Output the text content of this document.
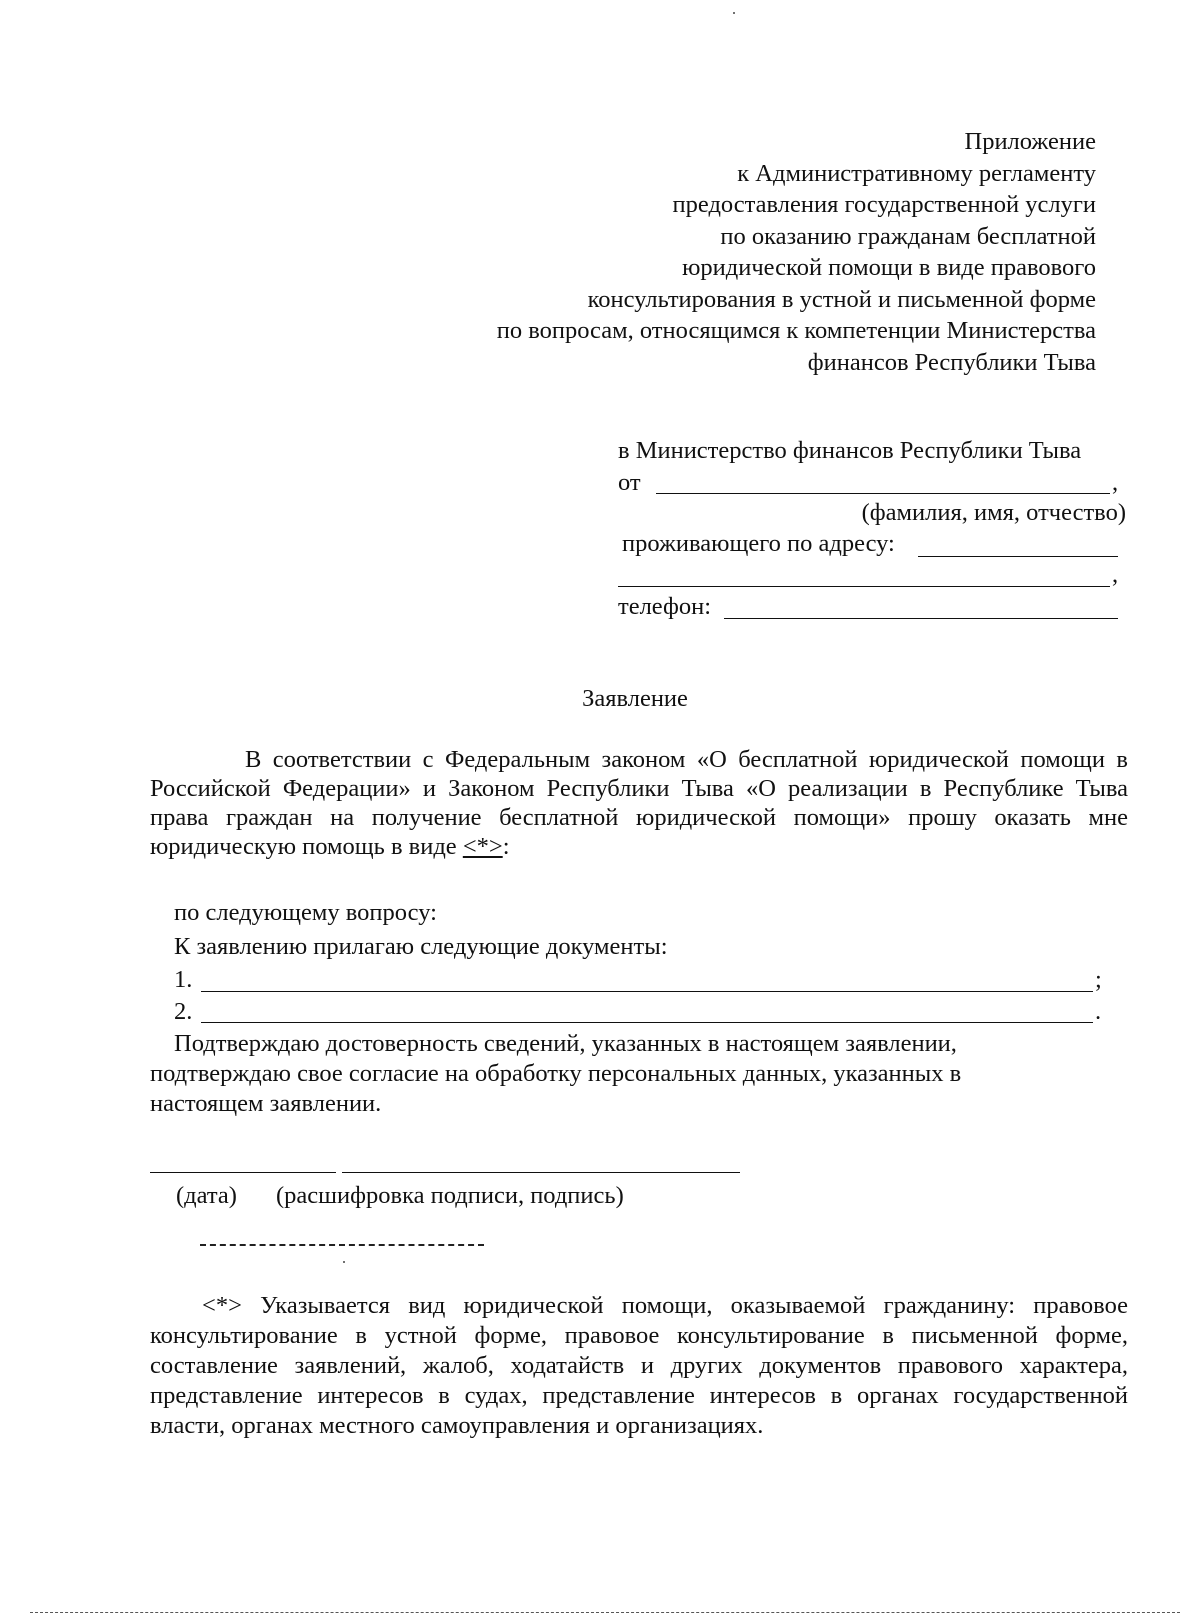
Приложение
к Административному регламенту
предоставления государственной услуги
по оказанию гражданам бесплатной
юридической помощи в виде правового
консультирования в устной и письменной форме
по вопросам, относящимся к компетенции Министерства
финансов Республики Тыва
в Министерство финансов Республики Тыва
от	,
(фамилия, имя, отчество)
проживающего по адресу:
,
телефон:
Заявление
В соответствии с Федеральным законом «О бесплатной юридической помощи в Российской Федерации» и Законом Республики Тыва «О реализации в Республике Тыва права граждан на получение бесплатной юридической помощи» прошу оказать мне юридическую помощь в виде <*>:
по следующему вопросу:
К заявлению прилагаю следующие документы:
1.	;
2.	.
Подтверждаю достоверность сведений, указанных в настоящем заявлении, подтверждаю свое согласие на обработку персональных данных, указанных в настоящем заявлении.
(дата) (расшифровка подписи, подпись)
<*> Указывается вид юридической помощи, оказываемой гражданину: правовое консультирование в устной форме, правовое консультирование в письменной форме, составление заявлений, жалоб, ходатайств и других документов правового характера, представление интересов в судах, представление интересов в органах государственной власти, органах местного самоуправления и организациях.
